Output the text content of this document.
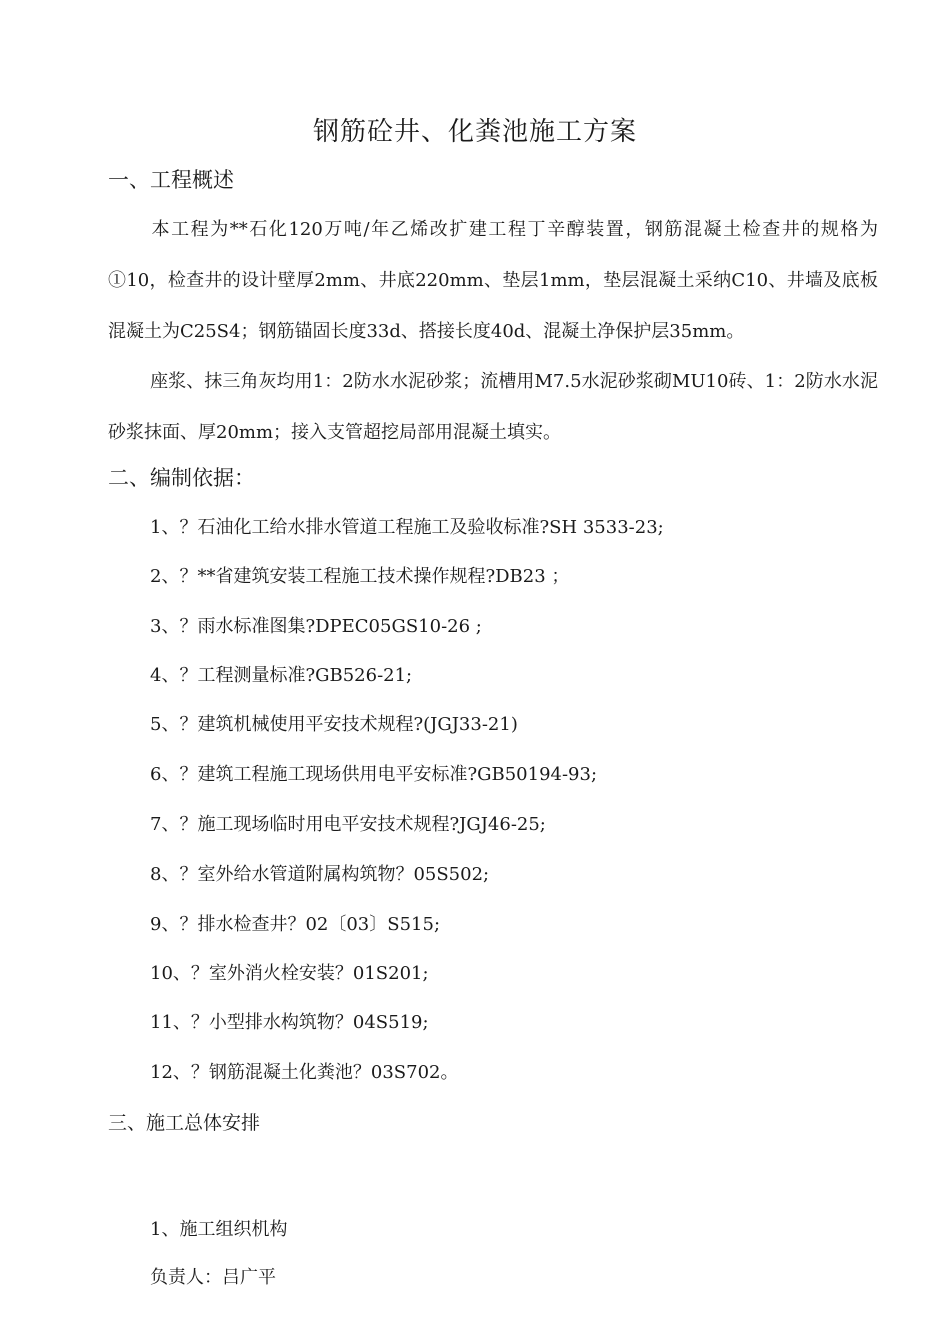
钢筋砼井、化粪池施工方案
一、工程概述
本工程为**石化120万吨/年乙烯改扩建工程丁辛醇装置，钢筋混凝土检查井的规格为①10，检查井的设计壁厚2mm、井底220mm、垫层1mm，垫层混凝土采纳C10、井墙及底板混凝土为C25S4；钢筋锚固长度33d、搭接长度40d、混凝土净保护层35mm。
座浆、抹三角灰均用1：2防水水泥砂浆；流槽用M7.5水泥砂浆砌MU10砖、1：2防水水泥砂浆抹面、厚20mm；接入支管超挖局部用混凝土填实。
二、编制依据：
1、？石油化工给水排水管道工程施工及验收标准?SH 3533-23;
2、？**省建筑安装工程施工技术操作规程?DB23 ；
3、？雨水标准图集?DPEC05GS10-26 ;
4、？工程测量标准?GB526-21;
5、？建筑机械使用平安技术规程?(JGJ33-21)
6、？建筑工程施工现场供用电平安标准?GB50194-93;
7、？施工现场临时用电平安技术规程?JGJ46-25;
8、？室外给水管道附属构筑物？05S502;
9、？排水检查井？02〔03〕S515;
10、？室外消火栓安装？01S201;
11、？小型排水构筑物？04S519;
12、？钢筋混凝土化粪池？03S702。
三、施工总体安排
1、施工组织机构
负责人：吕广平
